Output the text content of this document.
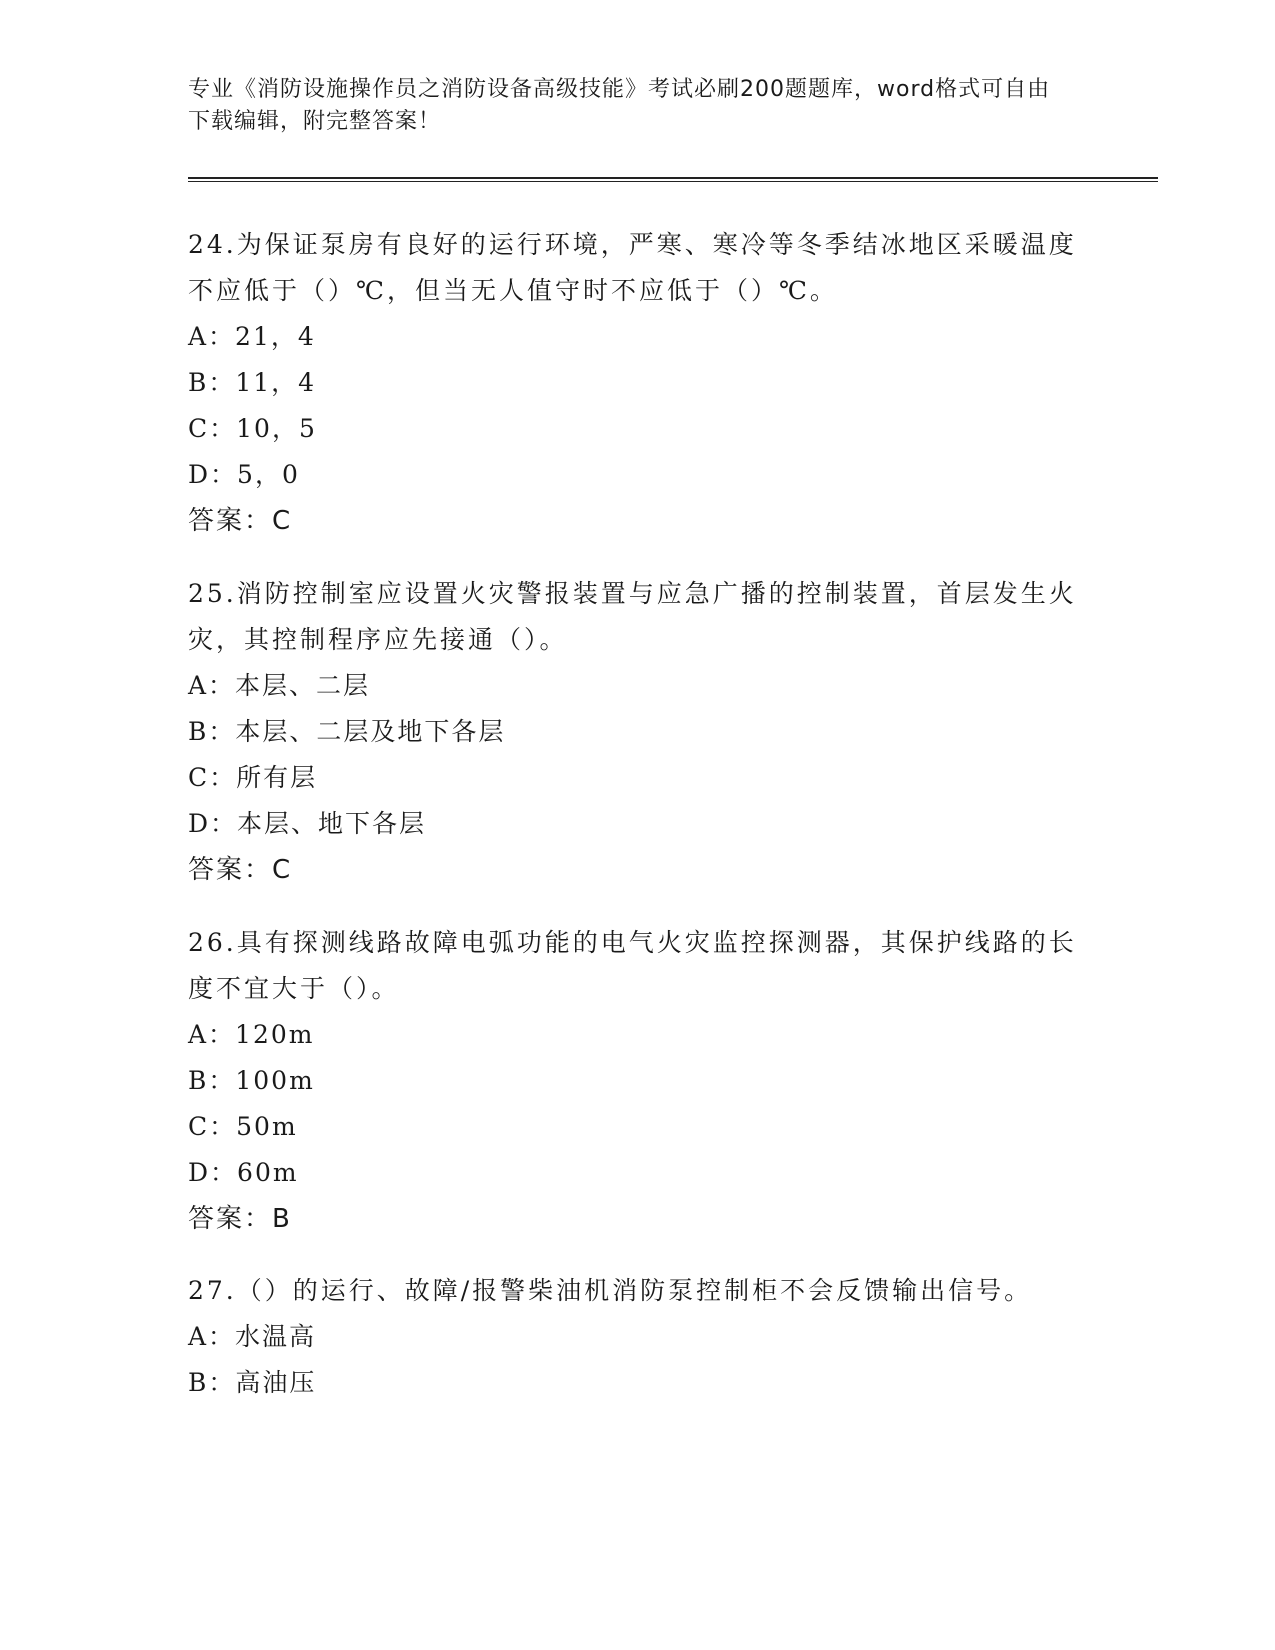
专业《消防设施操作员之消防设备高级技能》考试必刷200题题库，word格式可自由下载编辑，附完整答案！
24.为保证泵房有良好的运行环境，严寒、寒冷等冬季结冰地区采暖温度不应低于（）℃，但当无人值守时不应低于（）℃。
A：21，4
B：11，4
C：10，5
D：5，0
答案：C
25.消防控制室应设置火灾警报装置与应急广播的控制装置，首层发生火灾，其控制程序应先接通（）。
A：本层、二层
B：本层、二层及地下各层
C：所有层
D：本层、地下各层
答案：C
26.具有探测线路故障电弧功能的电气火灾监控探测器，其保护线路的长度不宜大于（）。
A：120m
B：100m
C：50m
D：60m
答案：B
27.（）的运行、故障/报警柴油机消防泵控制柜不会反馈输出信号。
A：水温高
B：高油压
